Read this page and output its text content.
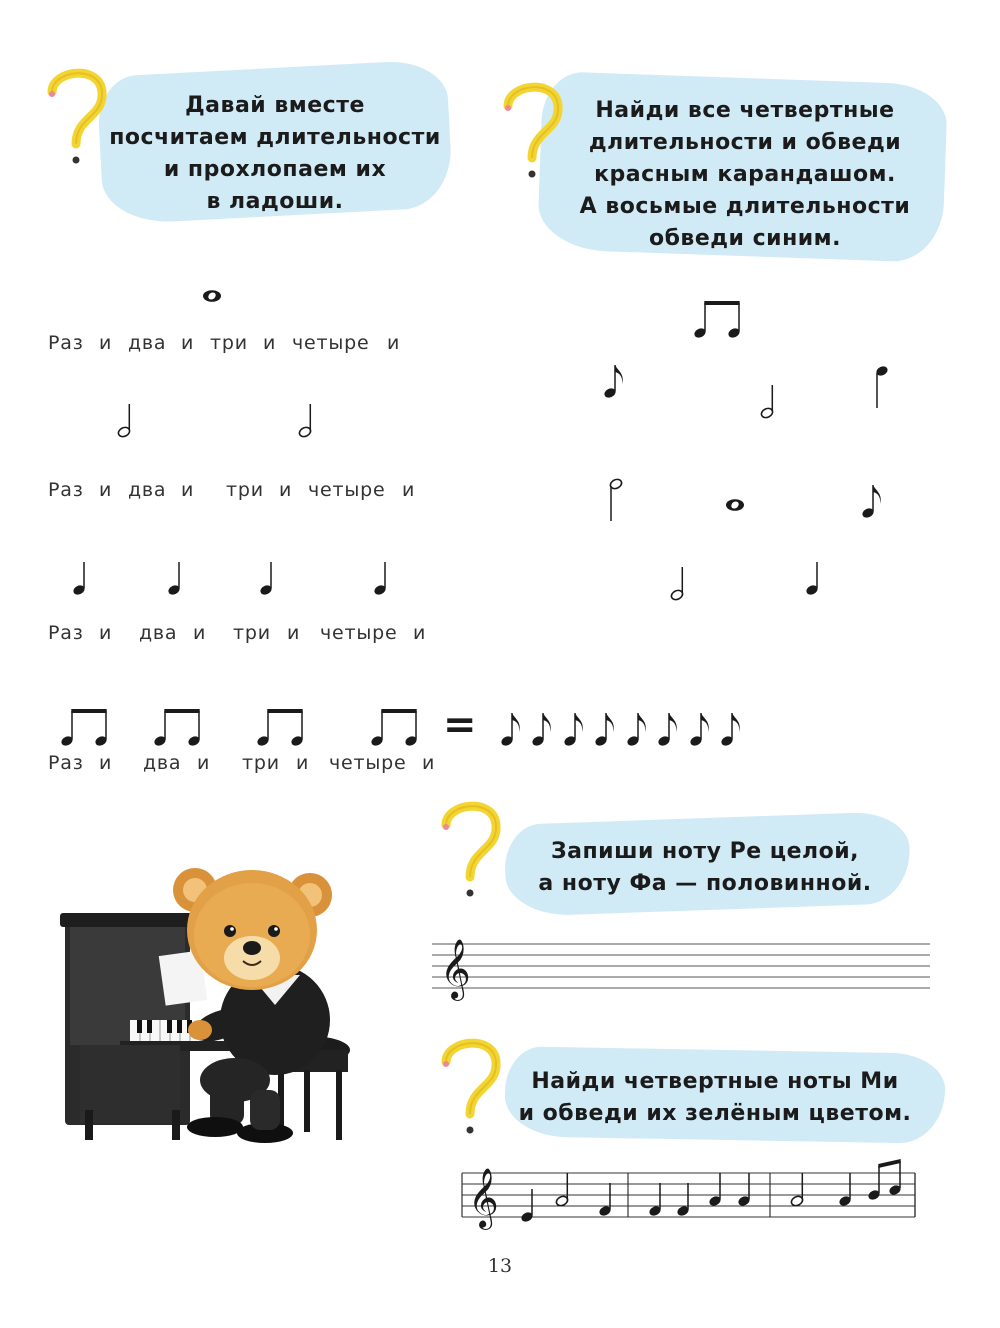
Давай вместе
посчитаем длительности
и прохлопаем их
в ладоши.
Найди все четвертные
длительности и обведи
красным карандашом.
А восьмые длительности
обведи синим.
Запиши ноту Ре целой,
а ноту Фа — половинной.
Найди четвертные ноты Ми
и обведи их зелёным цветом.
Раз и два и три и четыре и
Раз и два и три и четыре и
Раз и два и три и четыре и
Раз и два и три и четыре и
=
𝄞
𝄞
13
